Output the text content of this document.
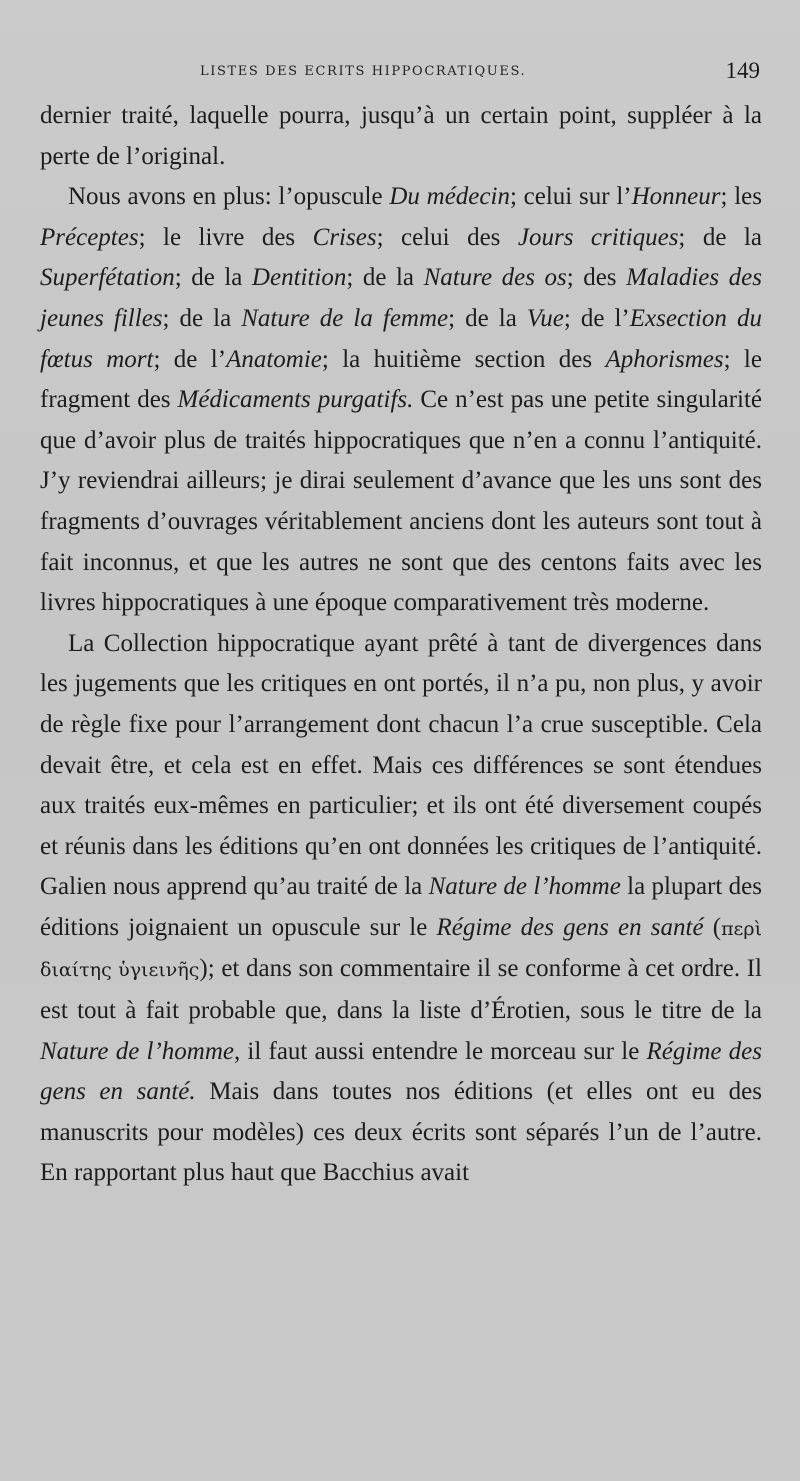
LISTES DES ECRITS HIPPOCRATIQUES.	149

dernier traité, laquelle pourra, jusqu’à un certain point, suppléer à la perte de l’original.

Nous avons en plus: l’opuscule Du médecin; celui sur l’Honneur; les Préceptes; le livre des Crises; celui des Jours critiques; de la Superfétation; de la Dentition; de la Nature des os; des Maladies des jeunes filles; de la Nature de la femme; de la Vue; de l’Exsection du fœtus mort; de l’Anatomie; la huitième section des Aphorismes; le fragment des Médicaments purgatifs. Ce n’est pas une petite singularité que d’avoir plus de traités hippocratiques que n’en a connu l’antiquité. J’y reviendrai ailleurs; je dirai seulement d’avance que les uns sont des fragments d’ouvrages véritablement anciens dont les auteurs sont tout à fait inconnus, et que les autres ne sont que des centons faits avec les livres hippocratiques à une époque comparativement très moderne.

La Collection hippocratique ayant prêté à tant de divergences dans les jugements que les critiques en ont portés, il n’a pu, non plus, y avoir de règle fixe pour l’arrangement dont chacun l’a crue susceptible. Cela devait être, et cela est en effet. Mais ces différences se sont étendues aux traités eux-mêmes en particulier; et ils ont été diversement coupés et réunis dans les éditions qu’en ont données les critiques de l’antiquité. Galien nous apprend qu’au traité de la Nature de l’homme la plupart des éditions joignaient un opuscule sur le Régime des gens en santé (περὶ διαίτης ὑγιεινῆς); et dans son commentaire il se conforme à cet ordre. Il est tout à fait probable que, dans la liste d’Érotien, sous le titre de la Nature de l’homme, il faut aussi entendre le morceau sur le Régime des gens en santé. Mais dans toutes nos éditions (et elles ont eu des manuscrits pour modèles) ces deux écrits sont séparés l’un de l’autre. En rapportant plus haut que Bacchius avait
